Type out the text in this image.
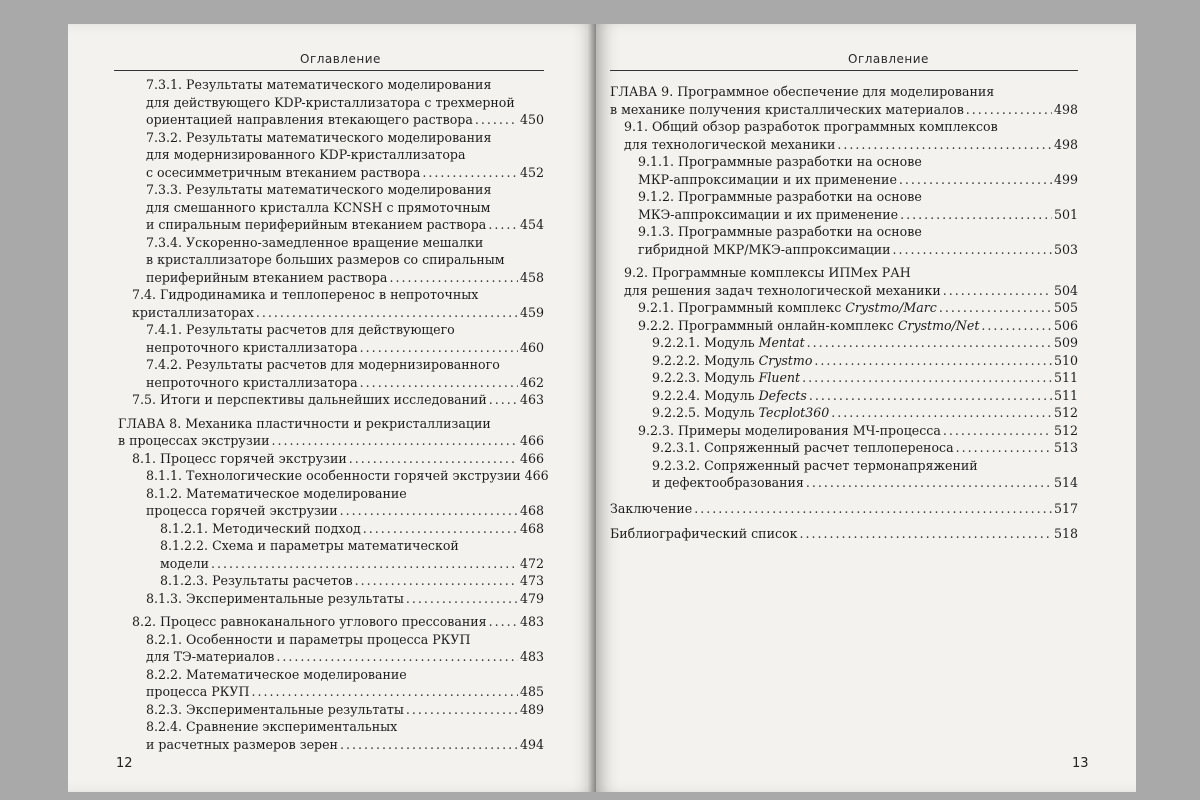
Оглавление
7.3.1. Результаты математического моделирования
для действующего KDP-кристаллизатора с трехмерной
ориентацией направления втекающего раствора . . .	450
7.3.2. Результаты математического моделирования
для модернизированного KDP-кристаллизатора
с осесимметричным втеканием раствора . . .	452
7.3.3. Результаты математического моделирования
для смешанного кристалла KCNSH с прямоточным
и спиральным периферийным втеканием раствора . . .	454
7.3.4. Ускоренно-замедленное вращение мешалки
в кристаллизаторе больших размеров со спиральным
периферийным втеканием раствора . . .	458
7.4. Гидродинамика и теплоперенос в непроточных
кристаллизаторах . . .	459
7.4.1. Результаты расчетов для действующего
непроточного кристаллизатора . . .	460
7.4.2. Результаты расчетов для модернизированного
непроточного кристаллизатора . . .	462
7.5. Итоги и перспективы дальнейших исследований . . .	463
ГЛАВА 8. Механика пластичности и рекристаллизации
в процессах экструзии . . .	466
8.1. Процесс горячей экструзии . . .	466
8.1.1. Технологические особенности горячей экструзии 466
8.1.2. Математическое моделирование
процесса горячей экструзии . . .	468
8.1.2.1. Методический подход . . .	468
8.1.2.2. Схема и параметры математической
модели . . .	472
8.1.2.3. Результаты расчетов . . .	473
8.1.3. Экспериментальные результаты . . .	479
8.2. Процесс равноканального углового прессования . . .	483
8.2.1. Особенности и параметры процесса РКУП
для ТЭ-материалов . . .	483
8.2.2. Математическое моделирование
процесса РКУП . . .	485
8.2.3. Экспериментальные результаты . . .	489
8.2.4. Сравнение экспериментальных
и расчетных размеров зерен . . .	494
12
Оглавление
ГЛАВА 9. Программное обеспечение для моделирования
в механике получения кристаллических материалов . . .	498
9.1. Общий обзор разработок программных комплексов
для технологической механики . . .	498
9.1.1. Программные разработки на основе
МКР-аппроксимации и их применение . . .	499
9.1.2. Программные разработки на основе
МКЭ-аппроксимации и их применение . . .	501
9.1.3. Программные разработки на основе
гибридной МКР/МКЭ-аппроксимации . . .	503
9.2. Программные комплексы ИПМех РАН
для решения задач технологической механики . . .	504
9.2.1. Программный комплекс Crystmo/Marc . . .	505
9.2.2. Программный онлайн-комплекс Crystmo/Net . . .	506
9.2.2.1. Модуль Mentat . . .	509
9.2.2.2. Модуль Crystmo . . .	510
9.2.2.3. Модуль Fluent . . .	511
9.2.2.4. Модуль Defects . . .	511
9.2.2.5. Модуль Tecplot360 . . .	512
9.2.3. Примеры моделирования МЧ-процесса . . .	512
9.2.3.1. Сопряженный расчет теплопереноса . . .	513
9.2.3.2. Сопряженный расчет термонапряжений
и дефектообразования . . .	514
Заключение . . .	517
Библиографический список . . .	518
13
